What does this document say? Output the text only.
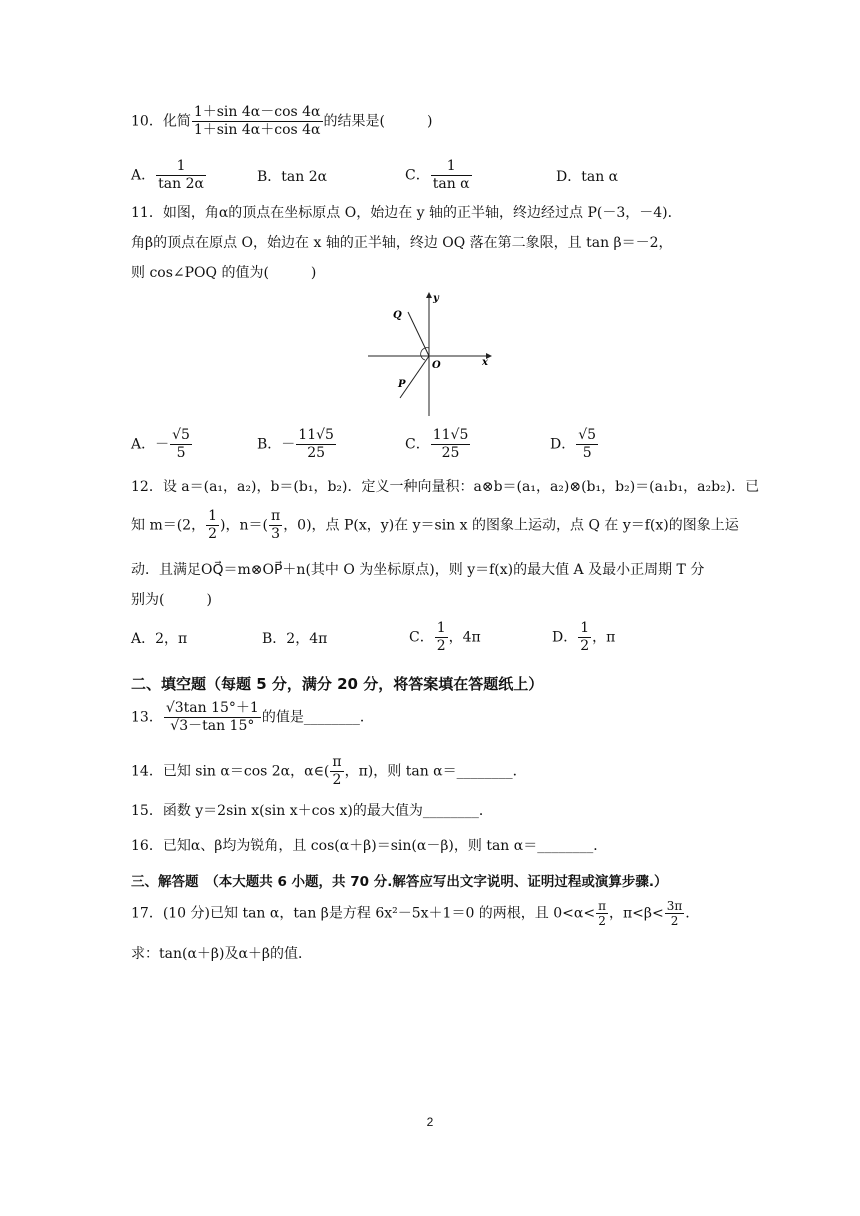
10．化简 $\frac{1+\sin 4\alpha-\cos 4\alpha}{1+\sin 4\alpha+\cos 4\alpha}$ 的结果是(　　　)
A． $\frac{1}{\tan 2\alpha}$	B．tan 2α	C． $\frac{1}{\text{tan α}}$	D．tan α
11．如图，角α的顶点在坐标原点 O，始边在 y 轴的正半轴，终边经过点 P(－3，－4)．
角β的顶点在原点 O，始边在 x 轴的正半轴，终边 OQ 落在第二象限，且 tan β＝－2，
则 cos∠POQ 的值为(　　　)
y
x
O
Q
P
A．－ $\frac{√5}{5}$	B．－ $\frac{11√5}{25}$	C． $\frac{11√5}{25}$	D． $\frac{√5}{5}$
12．设 a＝(a₁，a₂)，b＝(b₁，b₂)．定义一种向量积：a⊗b＝(a₁，a₂)⊗(b₁，b₂)＝(a₁b₁，a₂b₂)．已
知 m＝(2， $\frac{1}{2}$ )，$n=( \frac{\pi}{3}$ ，0)，点 P(x，y)在 y＝sin x 的图象上运动，点 Q 在 y＝f(x)的图象上运
动．且满足OQ⃗＝m⊗OP⃗＋n(其中 O 为坐标原点)，则 y＝f(x)的最大值 A 及最小正周期 T 分
别为(　　　)
A．2，π	B．2，4π	C． $\frac{1}{2}$ ，4π	D． $\frac{1}{2}$ ，π
二、填空题（每题 5 分，满分 20 分，将答案填在答题纸上）
13． $\frac{√3\tan 15^\circ+1}{√3-\tan 15^\circ}$ 的值是________．
14．已知 sin α＝cos 2α，α∈( $\frac{\pi}{2}$ ，π)，则 tan α＝________．
15．函数 y＝2sin x(sin x＋cos x)的最大值为________．
16．已知α、β均为锐角，且 cos(α＋β)＝sin(α－β)，则 tan α＝________．
三、解答题　（本大题共 6 小题，共 70 分.解答应写出文字说明、证明过程或演算步骤.）
17．(10 分)已知 tan α，tan β是方程 6x²－5x＋1＝0 的两根，且 $0<\alpha< \frac{\pi}{2}$ ，$\pi<\beta< \frac{3\pi}{2}$ .
求：tan(α＋β)及α＋β的值．
2
